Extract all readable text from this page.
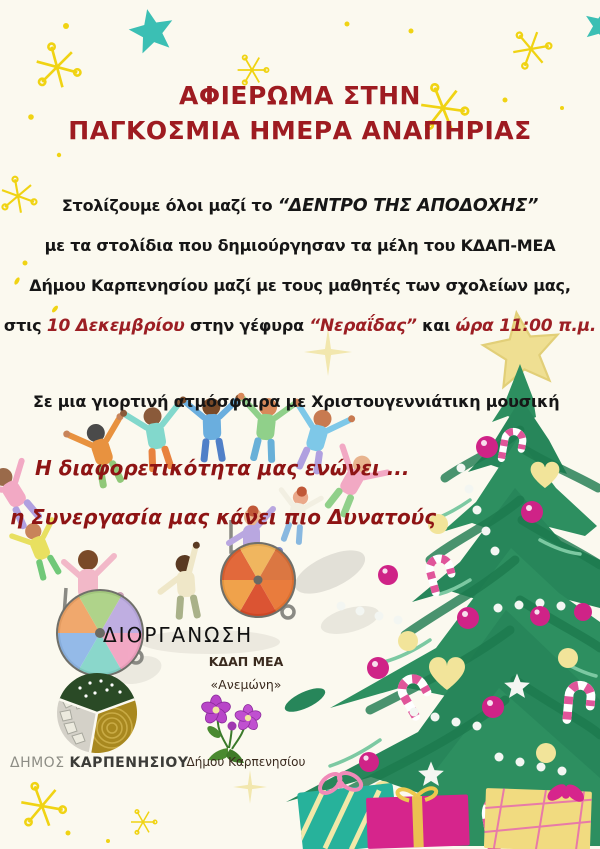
ΑΦΙΕΡΩΜΑ ΣΤΗΝ
ΠΑΓΚΟΣΜΙΑ ΗΜΕΡΑ ΑΝΑΠΗΡΙΑΣ
Στολίζουμε όλοι μαζί το “ΔΕΝΤΡΟ ΤΗΣ ΑΠΟΔΟΧΗΣ”
με τα στολίδια που δημιούργησαν τα μέλη του ΚΔΑΠ-ΜΕΑ
Δήμου Καρπενησίου μαζί με τους μαθητές των σχολείων μας,
στις 10 Δεκεμβρίου στην γέφυρα “Νεραΐδας” και ώρα 11:00 π.μ.
Σε μια γιορτινή ατμόσφαιρα με Χριστουγεννιάτικη μουσική
Η διαφορετικότητα μας ενώνει ...
η Συνεργασία μας κάνει πιο Δυνατούς
ΔΙΟΡΓΑΝΩΣΗ
ΔΗΜΟΣ ΚΑΡΠΕΝΗΣΙΟΥ
ΚΔΑΠ ΜΕΑ
«Ανεμώνη»
Δήμου Καρπενησίου
